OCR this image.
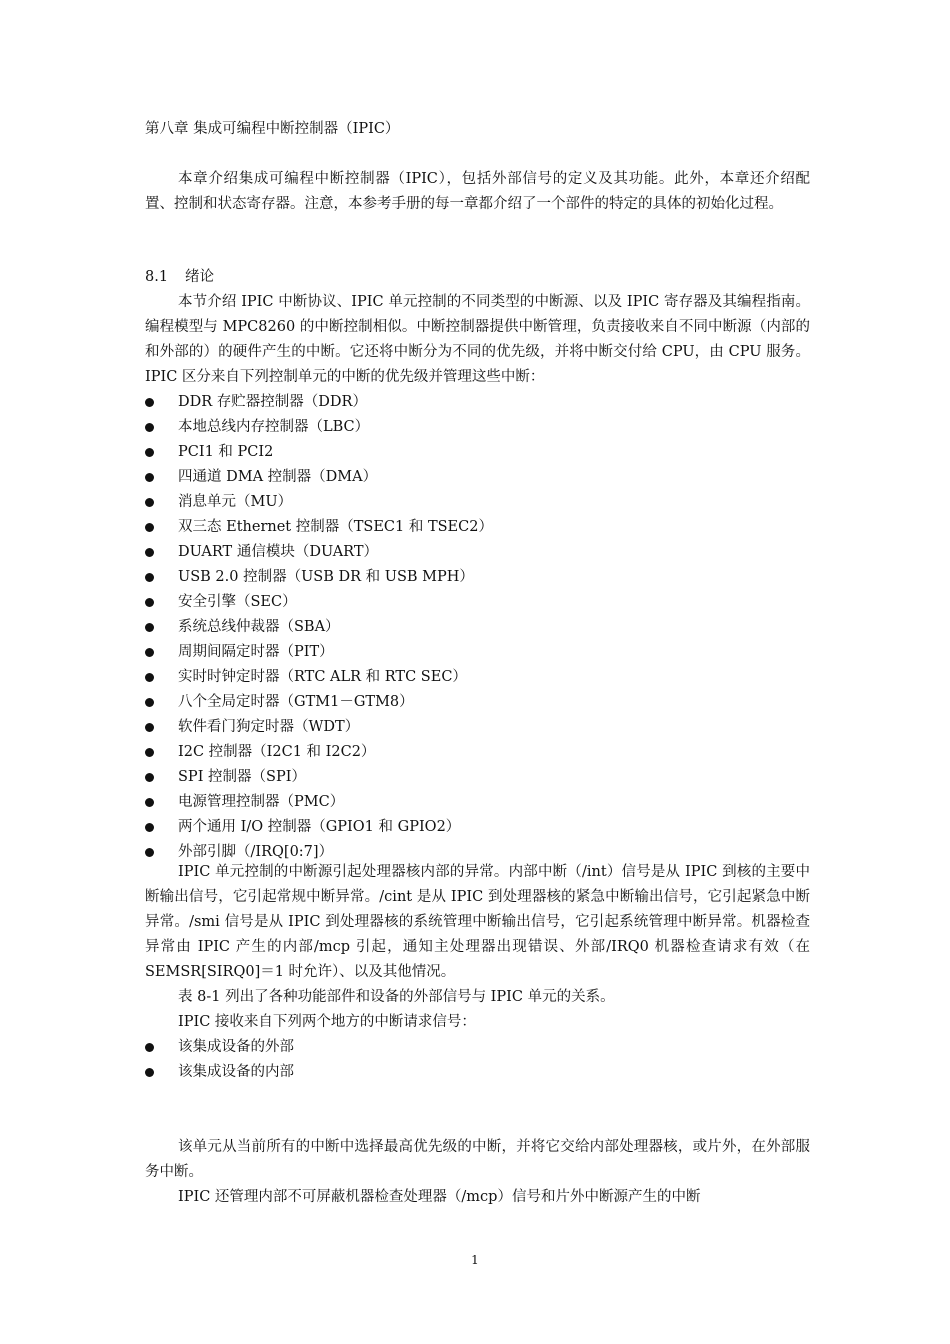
第八章 集成可编程中断控制器（IPIC）

本章介绍集成可编程中断控制器（IPIC），包括外部信号的定义及其功能。此外，本章还介绍配置、控制和状态寄存器。注意，本参考手册的每一章都介绍了一个部件的特定的具体的初始化过程。

8.1 绪论

本节介绍 IPIC 中断协议、IPIC 单元控制的不同类型的中断源、以及 IPIC 寄存器及其编程指南。编程模型与 MPC8260 的中断控制相似。中断控制器提供中断管理，负责接收来自不同中断源（内部的和外部的）的硬件产生的中断。它还将中断分为不同的优先级，并将中断交付给 CPU，由 CPU 服务。IPIC 区分来自下列控制单元的中断的优先级并管理这些中断：

DDR 存贮器控制器（DDR）
本地总线内存控制器（LBC）
PCI1 和 PCI2
四通道 DMA 控制器（DMA）
消息单元（MU）
双三态 Ethernet 控制器（TSEC1 和 TSEC2）
DUART 通信模块（DUART）
USB 2.0 控制器（USB DR 和 USB MPH）
安全引擎（SEC）
系统总线仲裁器（SBA）
周期间隔定时器（PIT）
实时时钟定时器（RTC ALR 和 RTC SEC）
八个全局定时器（GTM1－GTM8）
软件看门狗定时器（WDT）
I2C 控制器（I2C1 和 I2C2）
SPI 控制器（SPI）
电源管理控制器（PMC）
两个通用 I/O 控制器（GPIO1 和 GPIO2）
外部引脚（/IRQ[0:7]）

IPIC 单元控制的中断源引起处理器核内部的异常。内部中断（/int）信号是从 IPIC 到核的主要中断输出信号，它引起常规中断异常。/cint 是从 IPIC 到处理器核的紧急中断输出信号，它引起紧急中断异常。/smi 信号是从 IPIC 到处理器核的系统管理中断输出信号，它引起系统管理中断异常。机器检查异常由 IPIC 产生的内部/mcp 引起，通知主处理器出现错误、外部/IRQ0 机器检查请求有效（在 SEMSR[SIRQ0]＝1 时允许）、以及其他情况。

表 8-1 列出了各种功能部件和设备的外部信号与 IPIC 单元的关系。

IPIC 接收来自下列两个地方的中断请求信号：

该集成设备的外部
该集成设备的内部

该单元从当前所有的中断中选择最高优先级的中断，并将它交给内部处理器核，或片外，在外部服务中断。

IPIC 还管理内部不可屏蔽机器检查处理器（/mcp）信号和片外中断源产生的中断

1
